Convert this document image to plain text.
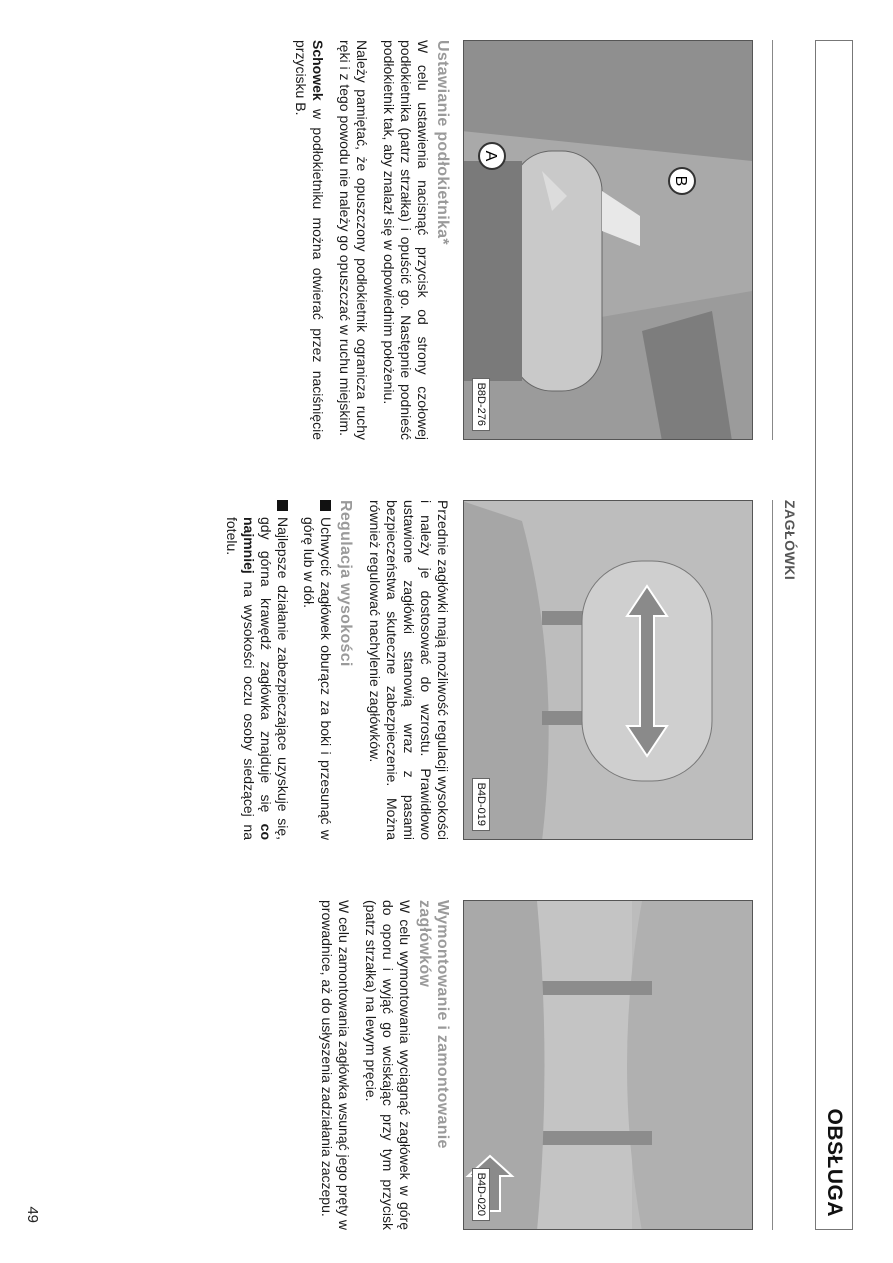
OBSŁUGA
ZAGŁÓWKI
B
A
B8D-276
Ustawianie podłokietnika*

W celu ustawienia nacisnąć przycisk od strony czołowej podłokietnika (patrz strzałka) i opuścić go. Następnie podnieść podłokietnik tak, aby znalazł się w odpowiednim położeniu.

Należy pamiętać, że opuszczony podłokietnik ogranicza ruchy ręki i z tego powodu nie należy go opuszczać w ruchu miejskim.

Schowek w podłokietniku można otwierać przez naciśnięcie przycisku B.

B4D-019

Przednie zagłówki mają możliwość regulacji wysokości i należy je dostosować do wzrostu. Prawidłowo ustawione zagłówki stanowią wraz z pasami bezpieczeństwa skuteczne zabezpieczenie. Można również regulować nachylenie zagłówków.

Regulacja wysokości
Uchwycić zagłówek oburącz za boki i przesunąć w górę lub w dół.
Najlepsze działanie zabezpieczające uzyskuje się, gdy górna krawędź zagłówka znajduje się co najmniej na wysokości oczu osoby siedzącej na fotelu.
B4D-020
Wymontowanie i zamontowanie zagłówków

W celu wymontowania wyciągnąć zagłówek w górę do oporu i wyjąć go wciskając przy tym przycisk (patrz strzałka) na lewym pręcie.

W celu zamontowania zagłówka wsunąć jego pręty w prowadnice, aż do usłyszenia zadziałania zaczepu.

49
